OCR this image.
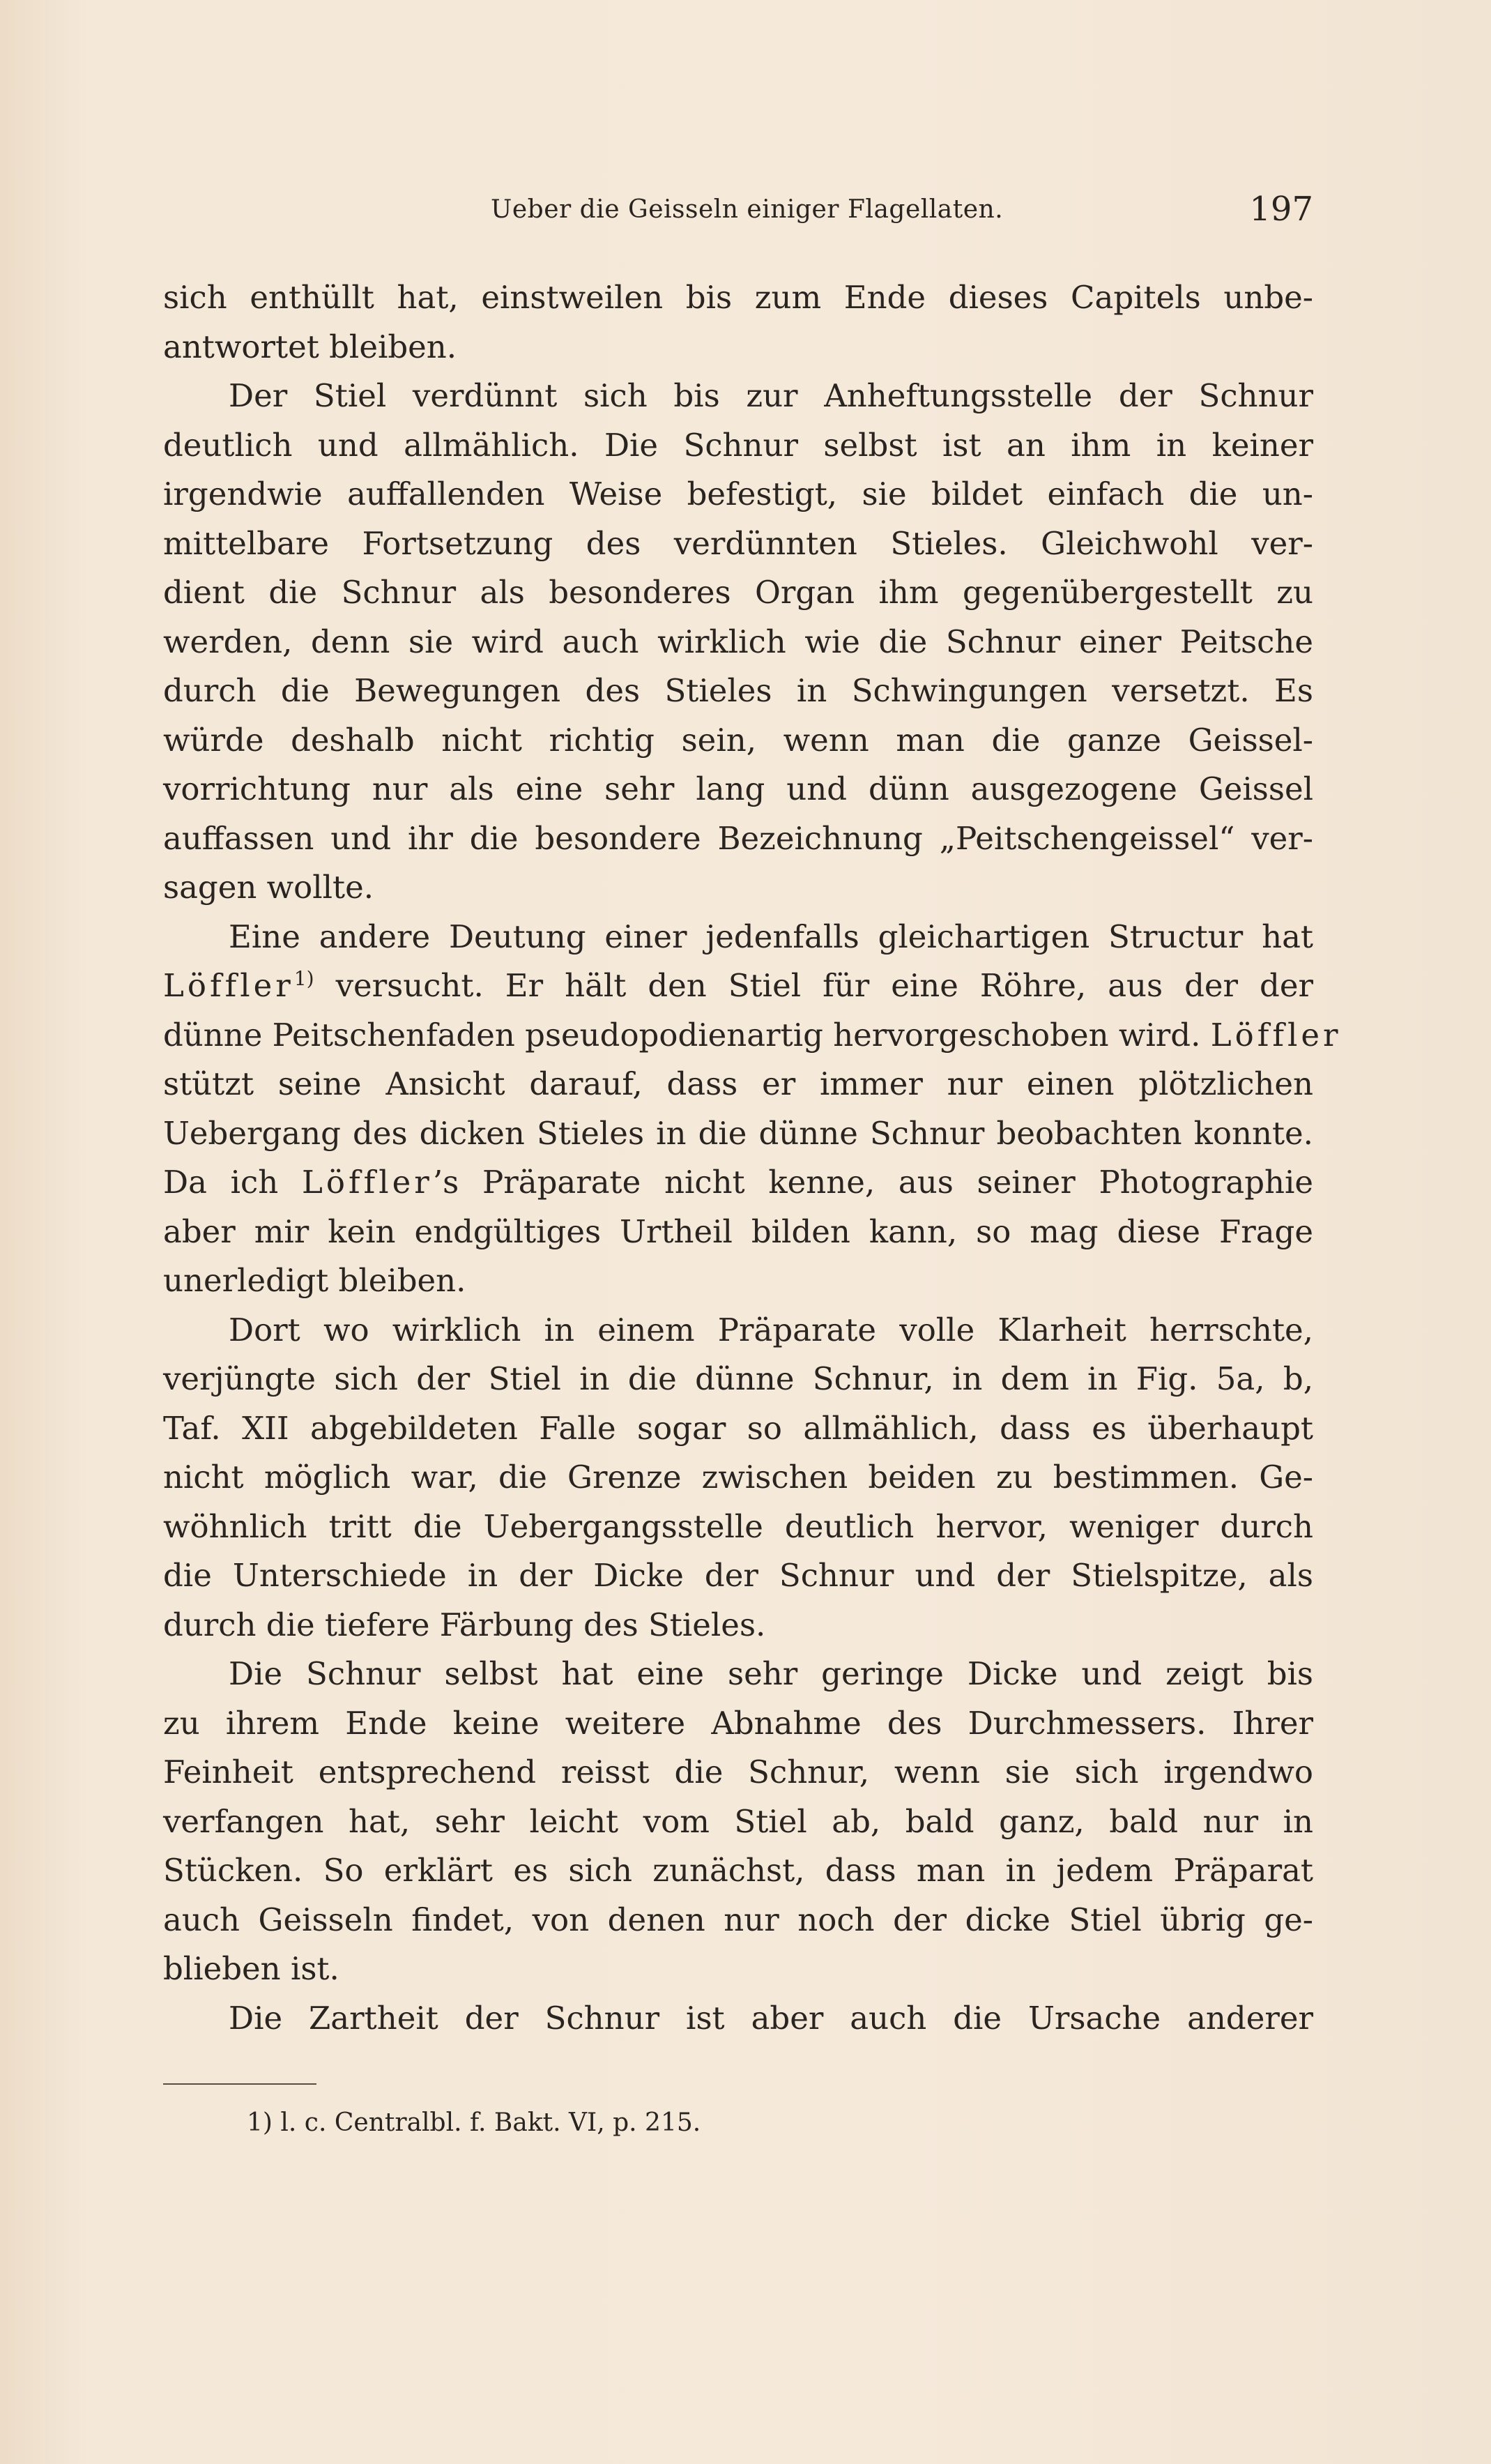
Ueber die Geisseln einiger Flagellaten.	197
sich enthüllt hat, einstweilen bis zum Ende dieses Capitels unbe-
antwortet bleiben.
Der Stiel verdünnt sich bis zur Anheftungsstelle der Schnur
deutlich und allmählich. Die Schnur selbst ist an ihm in keiner
irgendwie auffallenden Weise befestigt, sie bildet einfach die un-
mittelbare Fortsetzung des verdünnten Stieles. Gleichwohl ver-
dient die Schnur als besonderes Organ ihm gegenübergestellt zu
werden, denn sie wird auch wirklich wie die Schnur einer Peitsche
durch die Bewegungen des Stieles in Schwingungen versetzt. Es
würde deshalb nicht richtig sein, wenn man die ganze Geissel-
vorrichtung nur als eine sehr lang und dünn ausgezogene Geissel
auffassen und ihr die besondere Bezeichnung „Peitschengeissel“ ver-
sagen wollte.
Eine andere Deutung einer jedenfalls gleichartigen Structur hat
Löffler$^{1)}$ versucht. Er hält den Stiel für eine Röhre, aus der der
dünne Peitschenfaden pseudopodienartig hervorgeschoben wird. Löffler
stützt seine Ansicht darauf, dass er immer nur einen plötzlichen
Uebergang des dicken Stieles in die dünne Schnur beobachten konnte.
Da ich Löffler’s Präparate nicht kenne, aus seiner Photographie
aber mir kein endgültiges Urtheil bilden kann, so mag diese Frage
unerledigt bleiben.
Dort wo wirklich in einem Präparate volle Klarheit herrschte,
verjüngte sich der Stiel in die dünne Schnur, in dem in Fig. 5a, b,
Taf. XII abgebildeten Falle sogar so allmählich, dass es überhaupt
nicht möglich war, die Grenze zwischen beiden zu bestimmen. Ge-
wöhnlich tritt die Uebergangsstelle deutlich hervor, weniger durch
die Unterschiede in der Dicke der Schnur und der Stielspitze, als
durch die tiefere Färbung des Stieles.
Die Schnur selbst hat eine sehr geringe Dicke und zeigt bis
zu ihrem Ende keine weitere Abnahme des Durchmessers. Ihrer
Feinheit entsprechend reisst die Schnur, wenn sie sich irgendwo
verfangen hat, sehr leicht vom Stiel ab, bald ganz, bald nur in
Stücken. So erklärt es sich zunächst, dass man in jedem Präparat
auch Geisseln findet, von denen nur noch der dicke Stiel übrig ge-
blieben ist.
Die Zartheit der Schnur ist aber auch die Ursache anderer
1) l. c. Centralbl. f. Bakt. VI, p. 215.
